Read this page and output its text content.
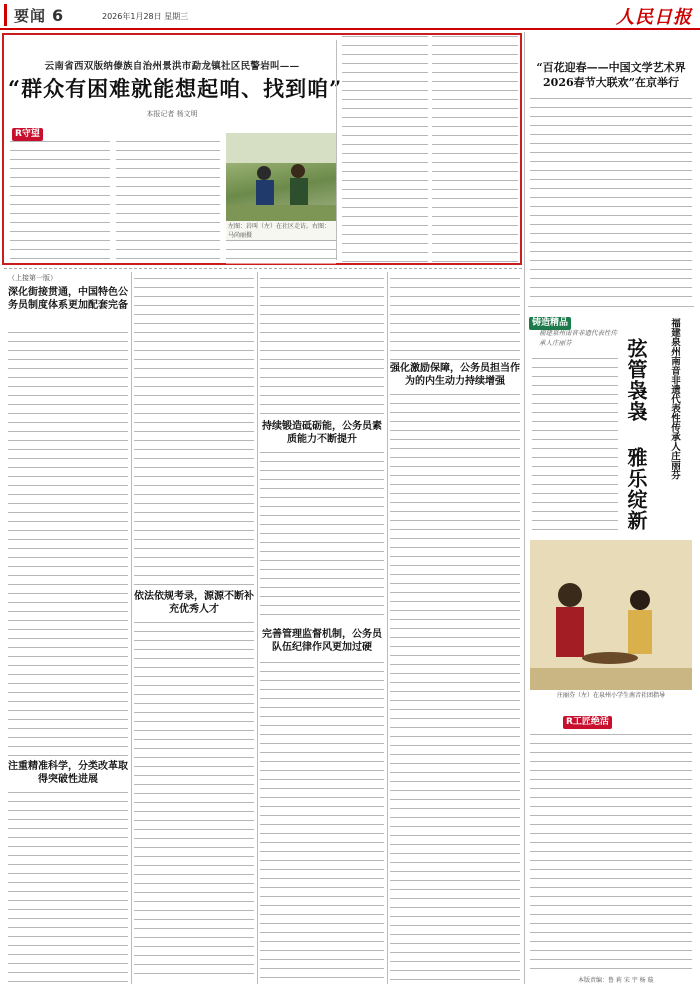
要闻 6	2026年1月28日 星期三	人民日报
云南省西双版纳傣族自治州景洪市勐龙镇社区民警岩叫——
“群众有困难就能想起咱、找到咱”
本报记者 杨文明
R守望
左图：岩叫（左）在社区走访。右图：马尚丽摄
（上接第一版）
深化街接贯通，中国特色公务员制度体系更加配套完备
注重精准科学，分类改革取得突破性进展
依法依规考录，源源不断补充优秀人才
持续锻造砥砺能，公务员素质能力不断提升
完善管理监督机制，公务员队伍纪律作风更加过硬
强化激励保障，公务员担当作为的内生动力持续增强
“百花迎春——中国文学艺术界2026春节大联欢”在京举行
铸造精品
福建泉州南音非遗代表性传承人庄丽芬	弦管袅袅 雅乐绽新 福建泉州南音非遗代表性传承人庄丽芬
庄丽芬（左）在泉州小学生南音社团指导
R工匠绝活
本版责编：鲁 莉 宋 宇 杨 璇
